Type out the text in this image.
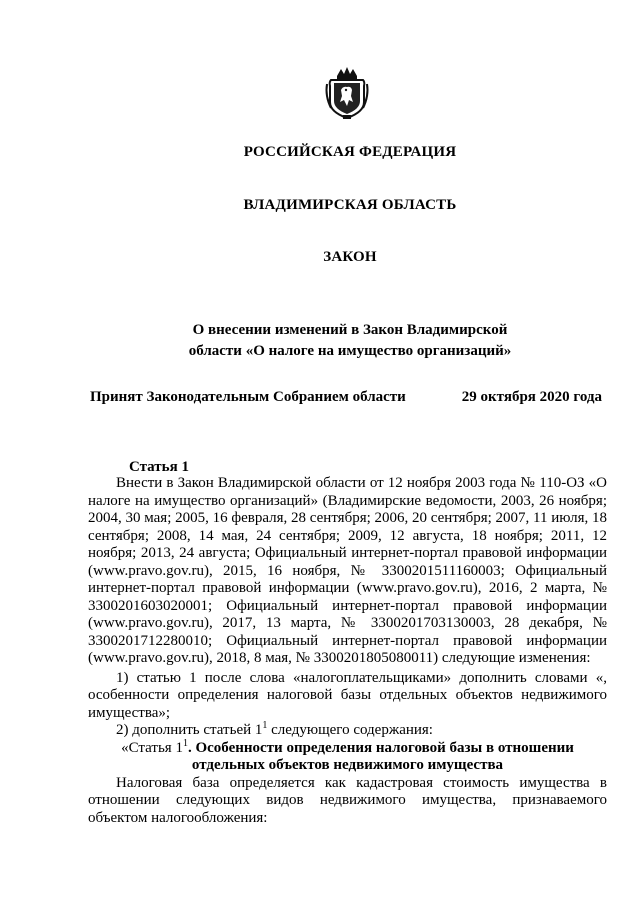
РОССИЙСКАЯ ФЕДЕРАЦИЯ
ВЛАДИМИРСКАЯ ОБЛАСТЬ
ЗАКОН
О внесении изменений в Закон Владимирской
области «О налоге на имущество организаций»
Принят Законодательным Собранием области	29 октября 2020 года
Статья 1

Внести в Закон Владимирской области от 12 ноября 2003 года № 110-ОЗ «О налоге на имущество организаций» (Владимирские ведомости, 2003, 26 ноября; 2004, 30 мая; 2005, 16 февраля, 28 сентября; 2006, 20 сентября; 2007, 11 июля, 18 сентября; 2008, 14 мая, 24 сентября; 2009, 12 августа, 18 ноября; 2011, 12 ноября; 2013, 24 августа; Официальный интернет-портал правовой информации (www.pravo.gov.ru), 2015, 16 ноября, № 3300201511160003; Официальный интернет-портал правовой информации (www.pravo.gov.ru), 2016, 2 марта, № 3300201603020001; Официальный интернет-портал правовой информации (www.pravo.gov.ru), 2017, 13 марта, № 3300201703130003, 28 декабря, № 3300201712280010; Официальный интернет-портал правовой информации (www.pravo.gov.ru), 2018, 8 мая, № 3300201805080011) следующие изменения:

1) статью 1 после слова «налогоплательщиками» дополнить словами «, особенности определения налоговой базы отдельных объектов недвижимого имущества»;

2) дополнить статьей $1^1$ следующего содержания:

«Статья $1^1$. Особенности определения налоговой базы в отношении
отдельных объектов недвижимого имущества

Налоговая база определяется как кадастровая стоимость имущества в отношении следующих видов недвижимого имущества, признаваемого объектом налогообложения:
